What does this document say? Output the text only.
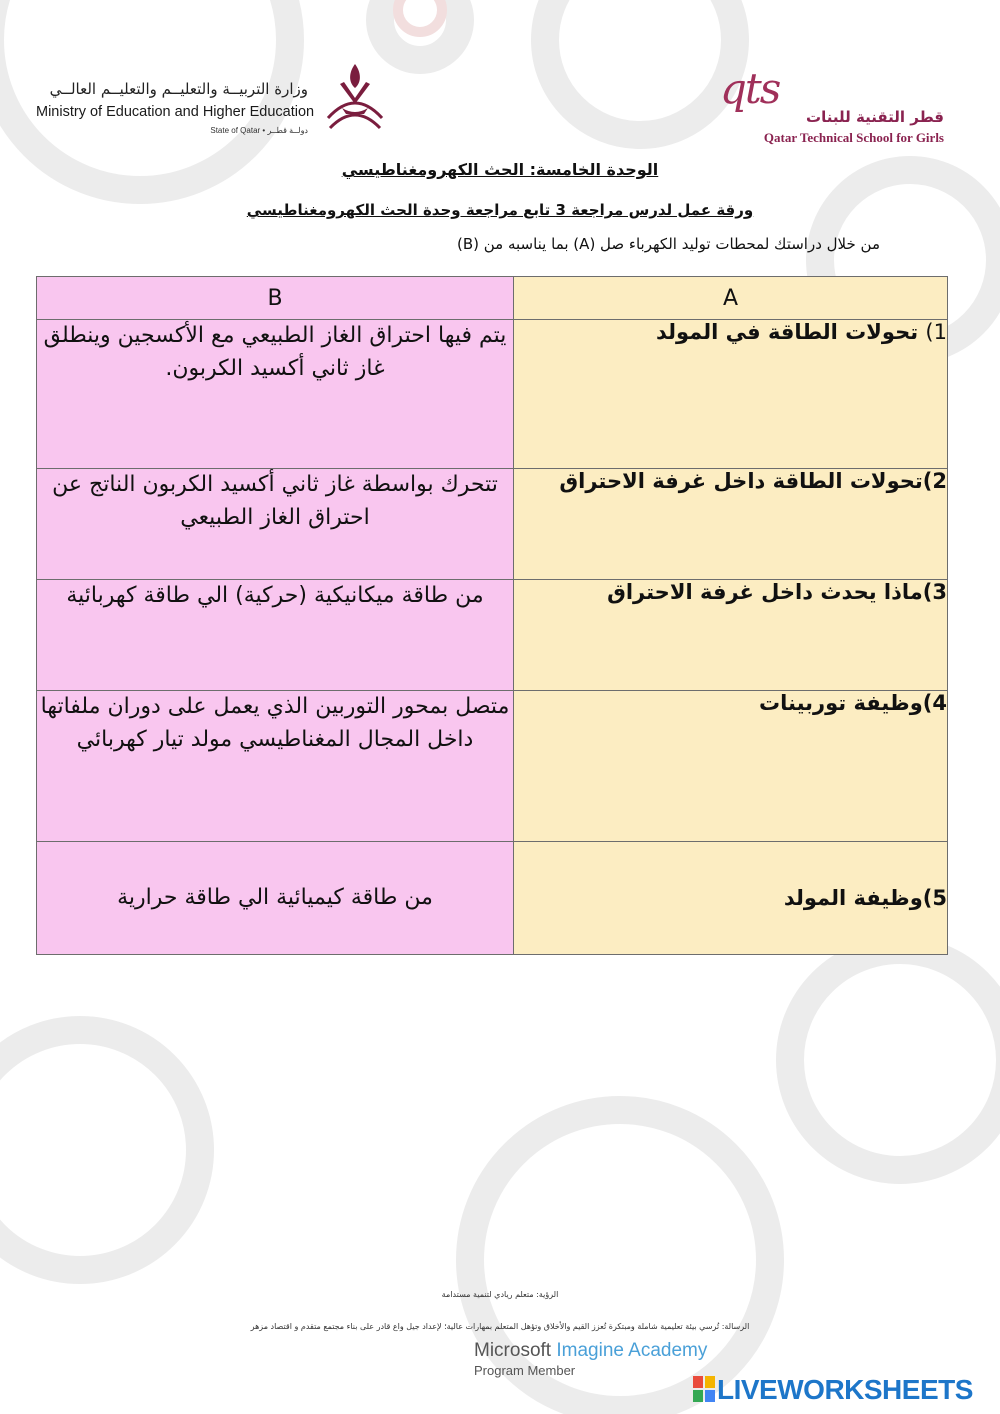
وزارة التربيــة والتعليــم والتعليــم العالــي
Ministry of Education and Higher Education
State of Qatar • دولــة قطــر
qts
قطر التقنية للبنات
Qatar Technical School for Girls
الوحدة الخامسة: الحث الكهرومغناطيسي
ورقة عمل لدرس مراجعة 3 تابع مراجعة وحدة الحث الكهرومغناطيسي
من خلال دراستك لمحطات توليد الكهرباء صل (A) بما يناسبه من (B)
B	A
يتم فيها احتراق الغاز الطبيعي مع الأكسجين وينطلق غاز ثاني أكسيد الكربون.	1) تحولات الطاقة في المولد
تتحرك بواسطة غاز ثاني أكسيد الكربون الناتج عن احتراق الغاز الطبيعي	2)تحولات الطاقة داخل غرفة الاحتراق
من طاقة ميكانيكية (حركية) الي طاقة كهربائية	3)ماذا يحدث داخل غرفة الاحتراق
متصل بمحور التوربين الذي يعمل على دوران ملفاتها داخل المجال المغناطيسي مولد تيار كهربائي	4)وظيفة توربينات
من طاقة كيميائية الي طاقة حرارية	5)وظيفة المولد
الرؤية: متعلم ريادي لتنمية مستدامة
الرسالة: تُرسي بيئة تعليمية شاملة ومبتكرة تُعزز القيم والأخلاق وتؤهل المتعلم بمهارات عالية؛ لإعداد جيل واع قادر على بناء مجتمع متقدم و اقتصاد مزهر
Microsoft Imagine Academy
Program Member
LIVEWORKSHEETS
